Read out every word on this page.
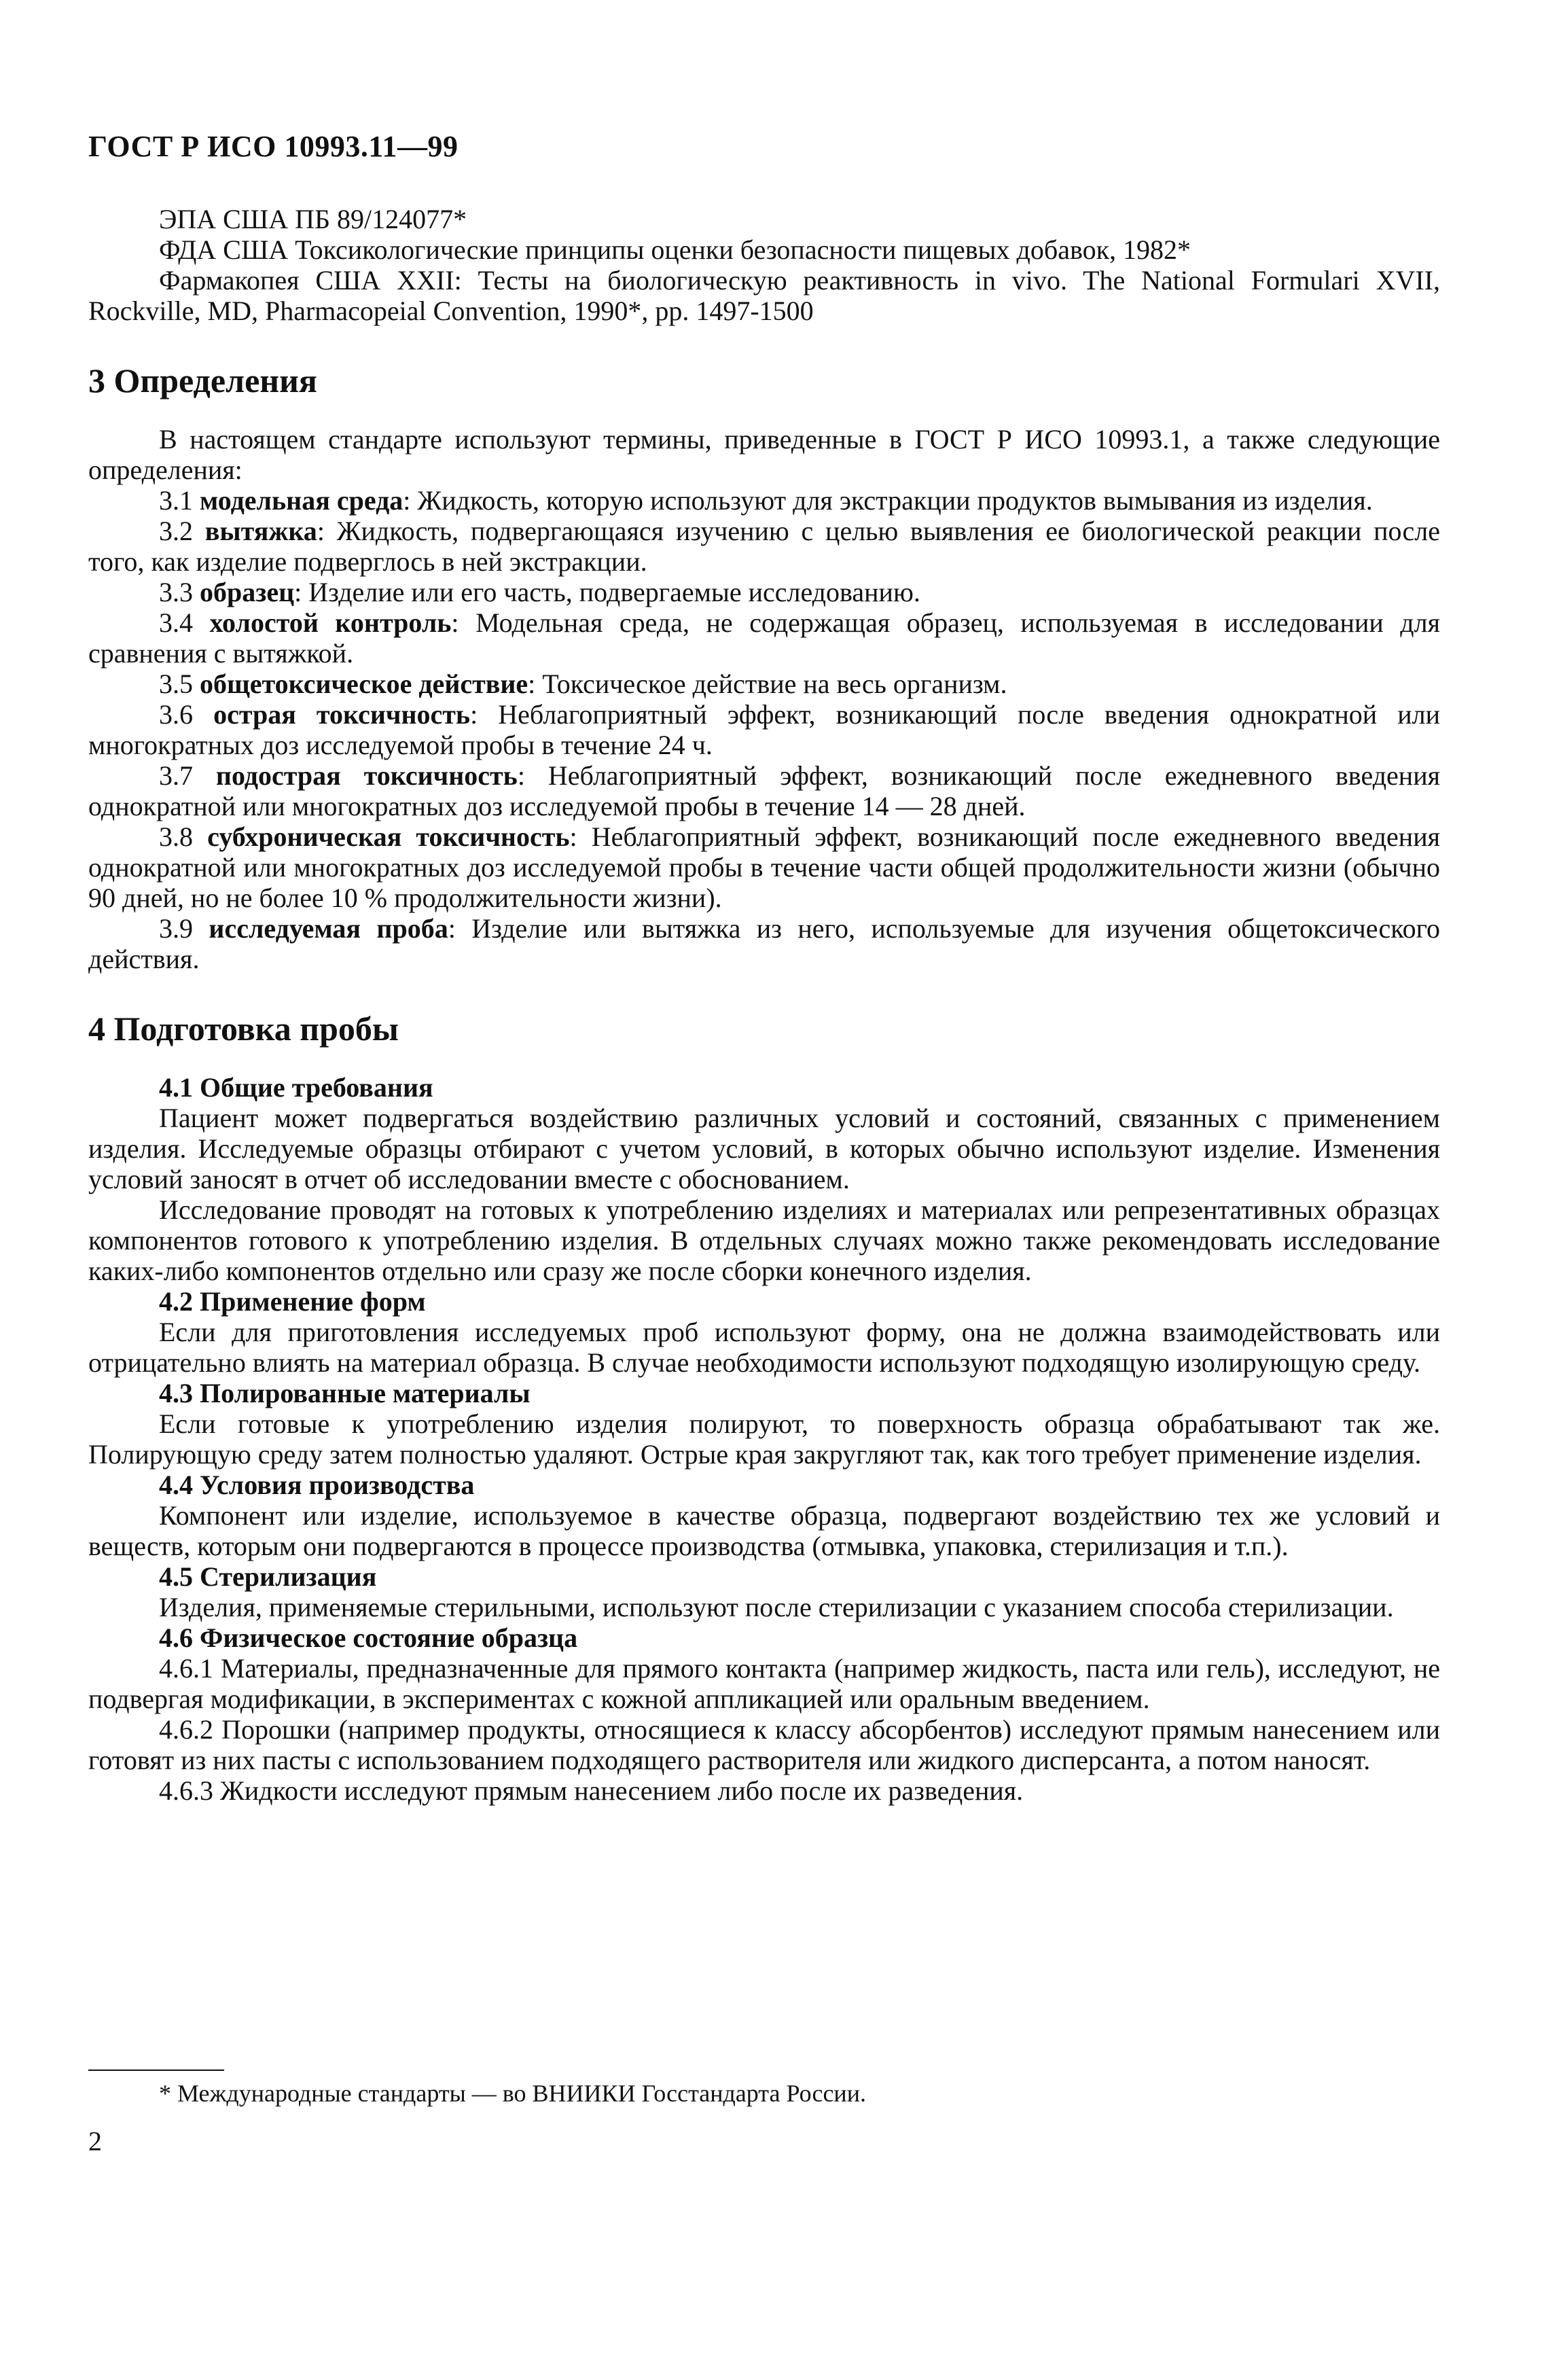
ГОСТ Р ИСО 10993.11—99

ЭПА США ПБ 89/124077*

ФДА США Токсикологические принципы оценки безопасности пищевых добавок, 1982*

Фармакопея США XXII: Тесты на биологическую реактивность in vivo. The National Formulari XVII, Rockville, MD, Pharmacopeial Convention, 1990*, pp. 1497-1500

3 Определения

В настоящем стандарте используют термины, приведенные в ГОСТ Р ИСО 10993.1, а также следующие определения:

3.1 модельная среда: Жидкость, которую используют для экстракции продуктов вымывания из изделия.

3.2 вытяжка: Жидкость, подвергающаяся изучению с целью выявления ее биологической реакции после того, как изделие подверглось в ней экстракции.

3.3 образец: Изделие или его часть, подвергаемые исследованию.

3.4 холостой контроль: Модельная среда, не содержащая образец, используемая в исследовании для сравнения с вытяжкой.

3.5 общетоксическое действие: Токсическое действие на весь организм.

3.6 острая токсичность: Неблагоприятный эффект, возникающий после введения однократной или многократных доз исследуемой пробы в течение 24 ч.

3.7 подострая токсичность: Неблагоприятный эффект, возникающий после ежедневного введения однократной или многократных доз исследуемой пробы в течение 14 — 28 дней.

3.8 субхроническая токсичность: Неблагоприятный эффект, возникающий после ежедневного введения однократной или многократных доз исследуемой пробы в течение части общей продолжительности жизни (обычно 90 дней, но не более 10 % продолжительности жизни).

3.9 исследуемая проба: Изделие или вытяжка из него, используемые для изучения общетоксического действия.

4 Подготовка пробы

4.1 Общие требования

Пациент может подвергаться воздействию различных условий и состояний, связанных с применением изделия. Исследуемые образцы отбирают с учетом условий, в которых обычно используют изделие. Изменения условий заносят в отчет об исследовании вместе с обоснованием.

Исследование проводят на готовых к употреблению изделиях и материалах или репрезентативных образцах компонентов готового к употреблению изделия. В отдельных случаях можно также рекомендовать исследование каких-либо компонентов отдельно или сразу же после сборки конечного изделия.

4.2 Применение форм

Если для приготовления исследуемых проб используют форму, она не должна взаимодействовать или отрицательно влиять на материал образца. В случае необходимости используют подходящую изолирующую среду.

4.3 Полированные материалы

Если готовые к употреблению изделия полируют, то поверхность образца обрабатывают так же. Полирующую среду затем полностью удаляют. Острые края закругляют так, как того требует применение изделия.

4.4 Условия производства

Компонент или изделие, используемое в качестве образца, подвергают воздействию тех же условий и веществ, которым они подвергаются в процессе производства (отмывка, упаковка, стерилизация и т.п.).

4.5 Стерилизация

Изделия, применяемые стерильными, используют после стерилизации с указанием способа стерилизации.

4.6 Физическое состояние образца

4.6.1 Материалы, предназначенные для прямого контакта (например жидкость, паста или гель), исследуют, не подвергая модификации, в экспериментах с кожной аппликацией или оральным введением.

4.6.2 Порошки (например продукты, относящиеся к классу абсорбентов) исследуют прямым нанесением или готовят из них пасты с использованием подходящего растворителя или жидкого дисперсанта, а потом наносят.

4.6.3 Жидкости исследуют прямым нанесением либо после их разведения.

* Международные стандарты — во ВНИИКИ Госстандарта России.
2
